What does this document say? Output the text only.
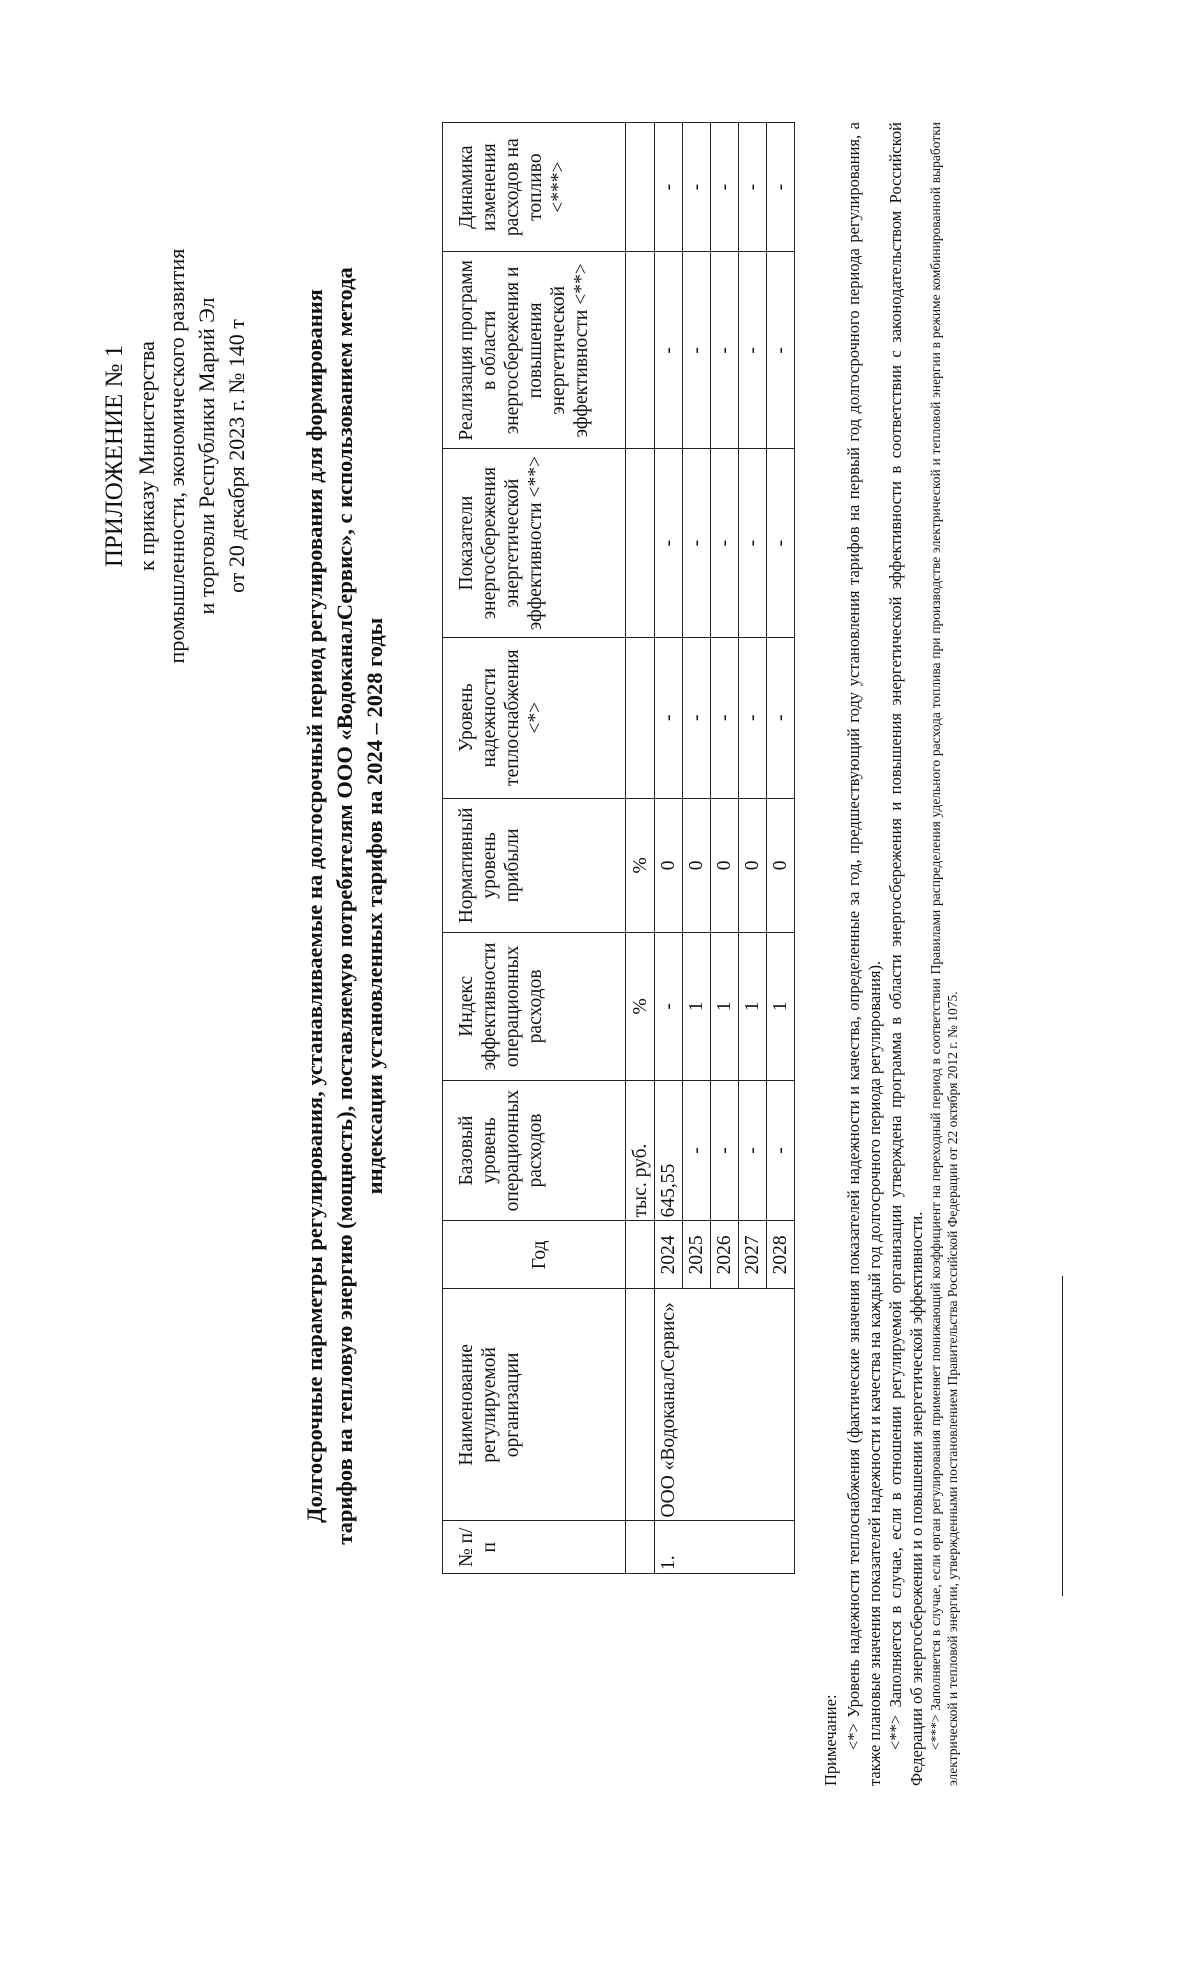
ПРИЛОЖЕНИЕ № 1 к приказу Министерства промышленности, экономического развития и торговли Республики Марий Эл от 20 декабря 2023 г. № 140 т Долгосрочные параметры регулирования, устанавливаемые на долгосрочный период регулирования для формирования тарифов на тепловую энергию (мощность), поставляемую потребителям ООО «ВодоканалСервис», с использованием метода индексации установленных тарифов на 2024 – 2028 годы
№ п/п	Наименование регулируемой организации	Год	Базовый уровень операционных расходов	Индекс эффективности операционных расходов	Нормативный уровень прибыли	Уровень надежности теплоснабжения <*>	Показатели энергосбережения энергетической эффективности <**>	Реализация программ в области энергосбережения и повышения энергетической эффективности <**>	Динамика изменения расходов на топливо <***>
			тыс. руб.	%	%				
1.	ООО «ВодоканалСервис»	2024	645,55	-	0	-	-	-	-
		2025	-	1	0	-	-	-	-
		2026	-	1	0	-	-	-	-
		2027	-	1	0	-	-	-	-
		2028	-	1	0	-	-	-	-
Примечание: <*> Уровень надежности теплоснабжения (фактические значения показателей надежности и качества, определенные за год, предшествующий году установления тарифов на первый год долгосрочного периода регулирования, а также плановые значения показателей надежности и качества на каждый год долгосрочного периода регулирования). <**> Заполняется в случае, если в отношении регулируемой организации утверждена программа в области энергосбережения и повышения энергетической эффективности в соответствии с законодательством Российской Федерации об энергосбережении и о повышении энергетической эффективности. <***> Заполняется в случае, если орган регулирования применяет понижающий коэффициент на переходный период в соответствии Правилами распределения удельного расхода топлива при производстве электрической и тепловой энергии в режиме комбинированной выработки электрической и тепловой энергии, утвержденными постановлением Правительства Российской Федерации от 22 октября 2012 г. № 1075.
